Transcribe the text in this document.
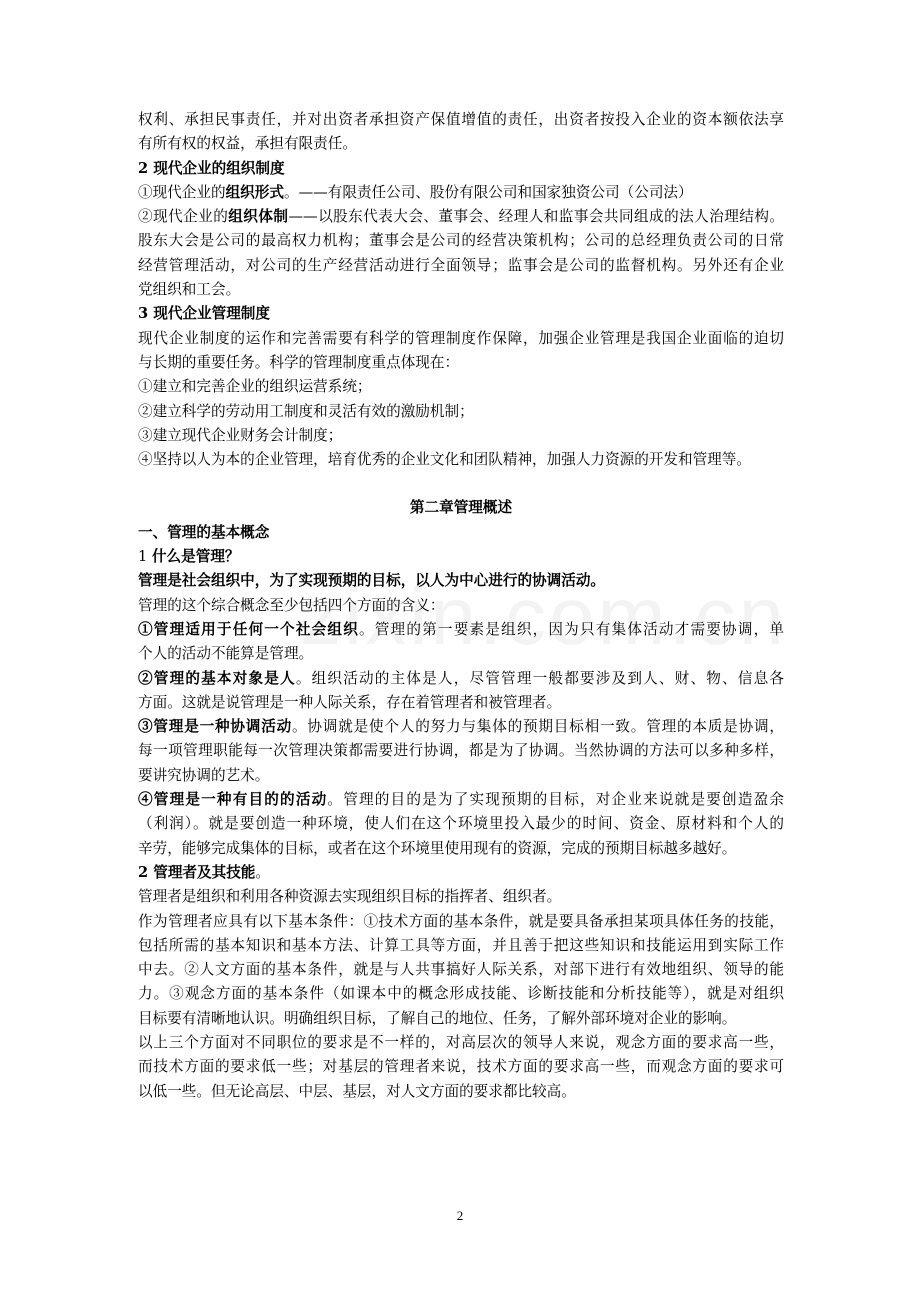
权利、承担民事责任，并对出资者承担资产保值增值的责任，出资者按投入企业的资本额依法享

有所有权的权益，承担有限责任。

2 现代企业的组织制度

①现代企业的组织形式。——有限责任公司、股份有限公司和国家独资公司（公司法）

②现代企业的组织体制——以股东代表大会、董事会、经理人和监事会共同组成的法人治理结构。

股东大会是公司的最高权力机构；董事会是公司的经营决策机构；公司的总经理负责公司的日常

经营管理活动，对公司的生产经营活动进行全面领导；监事会是公司的监督机构。另外还有企业

党组织和工会。

3 现代企业管理制度

现代企业制度的运作和完善需要有科学的管理制度作保障，加强企业管理是我国企业面临的迫切

与长期的重要任务。科学的管理制度重点体现在：

①建立和完善企业的组织运营系统；

②建立科学的劳动用工制度和灵活有效的激励机制；

③建立现代企业财务会计制度；

④坚持以人为本的企业管理，培育优秀的企业文化和团队精神，加强人力资源的开发和管理等。

第二章管理概述

一、管理的基本概念

1 什么是管理？

管理是社会组织中，为了实现预期的目标，以人为中心进行的协调活动。

管理的这个综合概念至少包括四个方面的含义：

①管理适用于任何一个社会组织。管理的第一要素是组织，因为只有集体活动才需要协调，单

个人的活动不能算是管理。

②管理的基本对象是人。组织活动的主体是人，尽管管理一般都要涉及到人、财、物、信息各

方面。这就是说管理是一种人际关系，存在着管理者和被管理者。

③管理是一种协调活动。协调就是使个人的努力与集体的预期目标相一致。管理的本质是协调，

每一项管理职能每一次管理决策都需要进行协调，都是为了协调。当然协调的方法可以多种多样，

要讲究协调的艺术。

④管理是一种有目的的活动。管理的目的是为了实现预期的目标，对企业来说就是要创造盈余

（利润）。就是要创造一种环境，使人们在这个环境里投入最少的时间、资金、原材料和个人的

辛劳，能够完成集体的目标，或者在这个环境里使用现有的资源，完成的预期目标越多越好。

2 管理者及其技能。

管理者是组织和利用各种资源去实现组织目标的指挥者、组织者。

作为管理者应具有以下基本条件：①技术方面的基本条件，就是要具备承担某项具体任务的技能，

包括所需的基本知识和基本方法、计算工具等方面，并且善于把这些知识和技能运用到实际工作

中去。②人文方面的基本条件，就是与人共事搞好人际关系，对部下进行有效地组织、领导的能

力。③观念方面的基本条件（如课本中的概念形成技能、诊断技能和分析技能等），就是对组织

目标要有清晰地认识。明确组织目标，了解自己的地位、任务，了解外部环境对企业的影响。

以上三个方面对不同职位的要求是不一样的，对高层次的领导人来说，观念方面的要求高一些，

而技术方面的要求低一些；对基层的管理者来说，技术方面的要求高一些，而观念方面的要求可

以低一些。但无论高层、中层、基层，对人文方面的要求都比较高。

2
